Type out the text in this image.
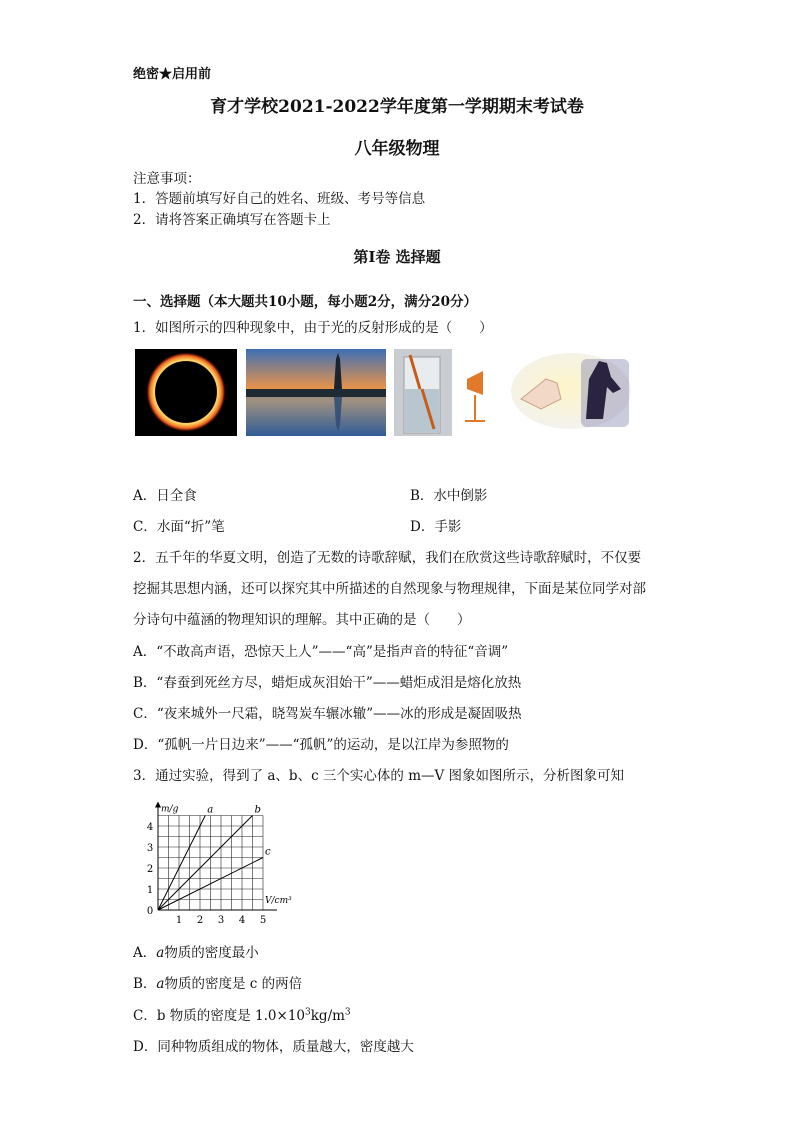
绝密★启用前
育才学校2021-2022学年度第一学期期末考试卷
八年级物理
注意事项：
1．答题前填写好自己的姓名、班级、考号等信息
2．请将答案正确填写在答题卡上
第I卷 选择题
一、选择题（本大题共10小题，每小题2分，满分20分）
1．如图所示的四种现象中，由于光的反射形成的是（　　）
A．日全食	B．水中倒影
C．水面“折”笔	D．手影
2．五千年的华夏文明，创造了无数的诗歌辞赋，我们在欣赏这些诗歌辞赋时，不仅要
挖掘其思想内涵，还可以探究其中所描述的自然现象与物理规律，下面是某位同学对部
分诗句中蕴涵的物理知识的理解。其中正确的是（　　）
A．“不敢高声语，恐惊天上人”——“高”是指声音的特征“音调”
B．“春蚕到死丝方尽，蜡炬成灰泪始干”——蜡炬成泪是熔化放热
C．“夜来城外一尺霜，晓驾炭车辗冰辙”——冰的形成是凝固吸热
D．“孤帆一片日边来”——“孤帆”的运动，是以江岸为参照物的
3．通过实验，得到了 a、b、c 三个实心体的 m—V 图象如图所示，分析图象可知
1 2 3 4 5
1
2
3
4
0
m/g
V/cm³
a	b
c
A．a物质的密度最小
B．a物质的密度是 c 的两倍
C．b 物质的密度是 $1.0\times 10^3kg/m^3$
D．同种物质组成的物体，质量越大，密度越大
